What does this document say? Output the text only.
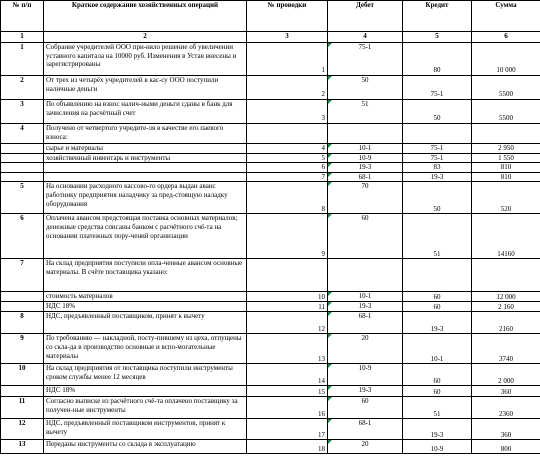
№ п/п	Краткое содержание хозяйственных операций	№ проводки	Дебет	Кредит	Сумма
1	2	3	4	5	6
1	Собрание учредителей ООО при-няло решение об увеличении уставного капитала на 10000 руб. Изменения в Устав внесены и зарегистрированы	1	75-1	80	10 000
2	От трех из четырёх учредителей в кас-су ООО поступили наличные деньги	2	50	75-1	5500
3	По объявлению на взнос налич-ными деньги сданы в банк для зачисления на расчётный счет	3	51	50	5500
4	Получено от четвертого учредите-ля в качестве его паевого взноса:				
	сырье и материалы	4	10-1	75-1	2 950
	хозяйственный инвентарь и инструменты	5	10-9	75-1	1 550
		6	19-3	83	810
		7	68-1	19-3	810
5	На основании расходного кассово-го ордера выдан аванс работнику предприятия наладчику за пред-стоящую наладку оборудования	8	70	50	520
6	Оплачена авансом предстоящая поставка основных материалов; денежные средства списаны банком с расчётного счё-та на основании платежных пору-чений организации	9	60	51	14160
7	На склад предприятия поступили опла-ченные авансом основные материалы. В счёте поставщика указано:				
	стоимость материалов	10	10-1	60	12 000
	НДС 18%	11	19-3	60	2 160
8	НДС, предъявленный поставщиком, принят к вычету	12	68-1	19-3	2160
9	По требованию — накладной, посту-пившему из цеха, отпущены со склa-да в производство основные и вспо-могательные материалы	13	20	10-1	3740
10	На склад предприятия от поставщика поступили инструменты сроком службы менее 12 месяцев	14	10-9	60	2 000
	НДС 18%	15	19-3	60	360
11	Согласно выписке из расчётного счё-та оплачено поставщику за получен-ные инструменты	16	60	51	2360
12	НДС, предъявленный поставщиком инструментов, принят к вычету	17	68-1	19-3	360
13	Переданы инструменты со склада в эксплуатацию	18	20	10-9	800
